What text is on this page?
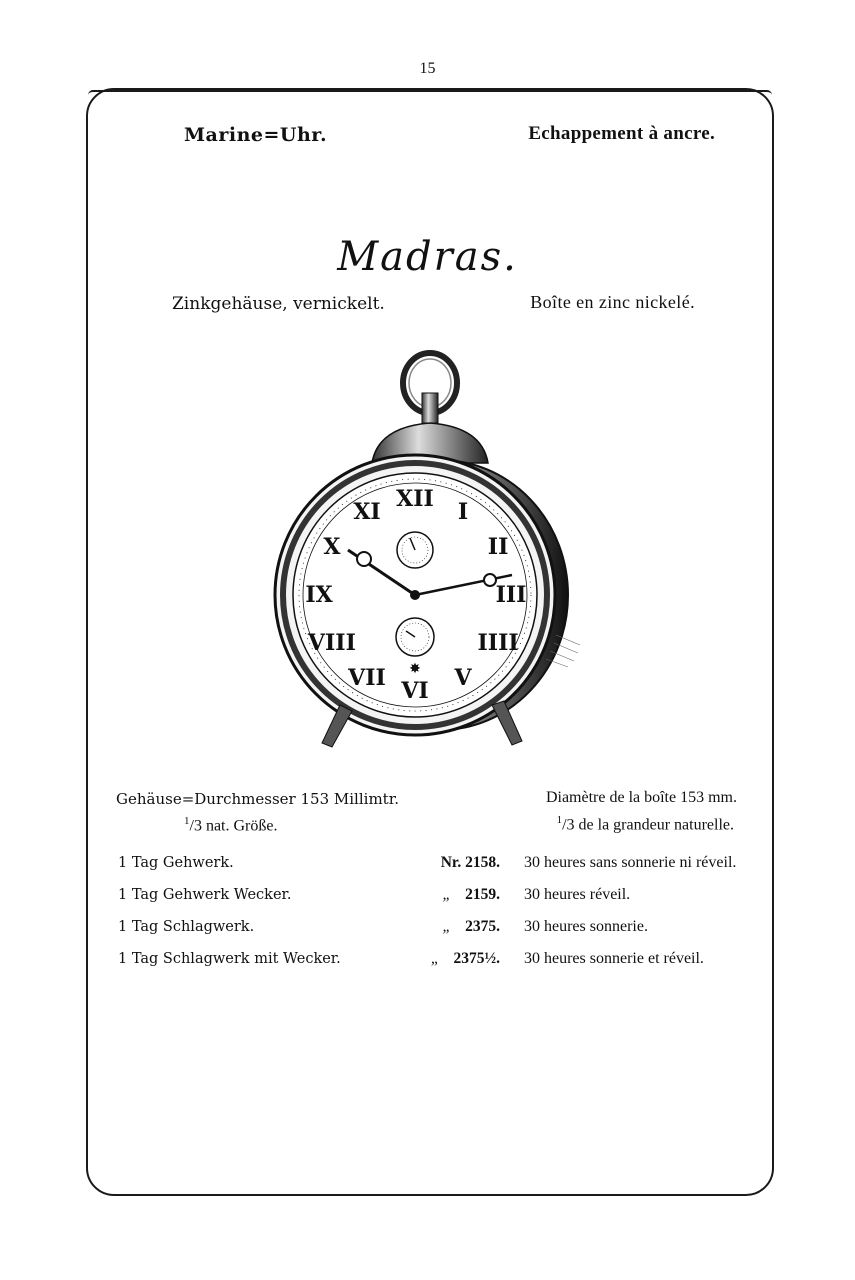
15
Marine=Uhr.	Echappement à ancre.
Madras.
Zinkgehäuse, vernickelt.	Boîte en zinc nickelé.
XII I
II
III
IIII
V
VI
VII
VIII
IX
X
XI
✸
Gehäuse=Durchmesser 153 Millimtr.
$^1$/3 nat. Größe.
Diamètre de la boîte 153 mm.
$^1$/3 de la grandeur naturelle.
1 Tag Gehwerk.	Nr. 2158.	30 heures sans sonnerie ni réveil.
1 Tag Gehwerk Wecker.	„ 2159.	30 heures réveil.
1 Tag Schlagwerk.	„ 2375.	30 heures sonnerie.
1 Tag Schlagwerk mit Wecker.	„ 2375½.	30 heures sonnerie et réveil.
